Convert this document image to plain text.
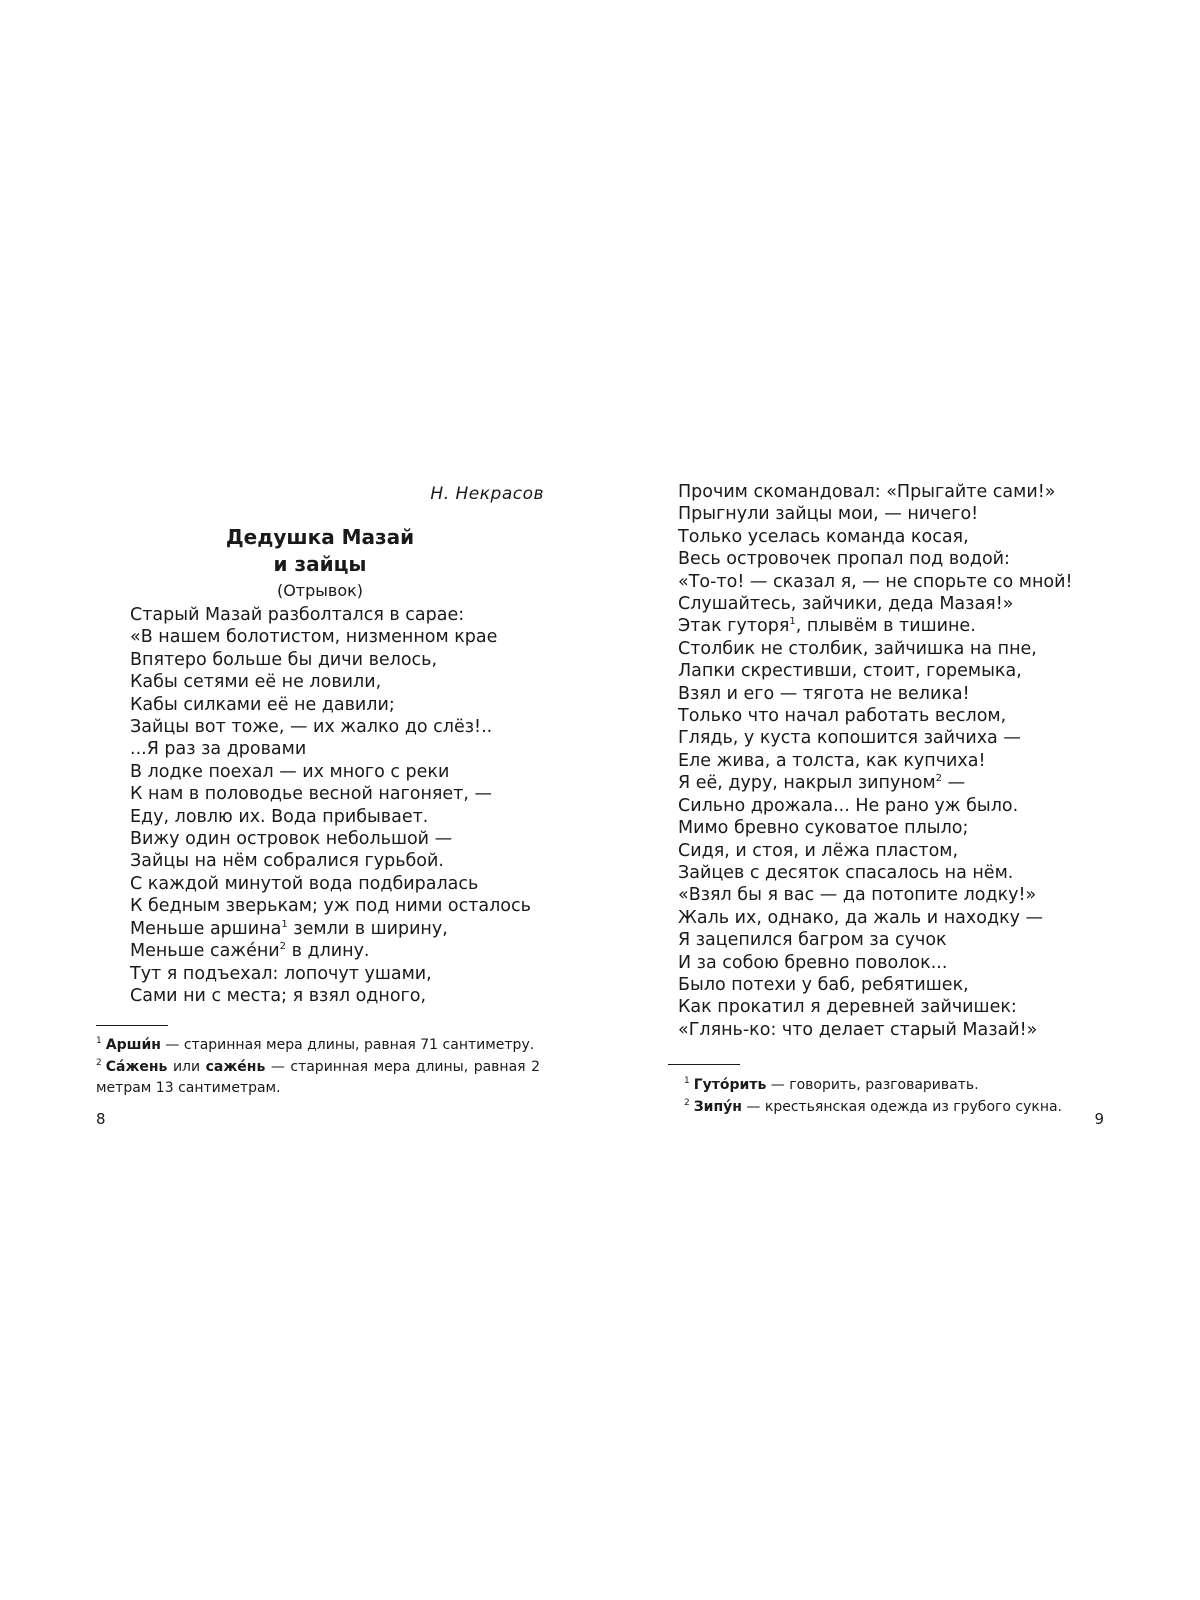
Н. Некрасов
Дедушка Мазай
и зайцы
(Отрывок)
Старый Мазай разболтался в сарае:
«В нашем болотистом, низменном крае
Впятеро больше бы дичи велось,
Кабы сетями её не ловили,
Кабы силками её не давили;
Зайцы вот тоже, — их жалко до слёз!..
...Я раз за дровами
В лодке поехал — их много с реки
К нам в половодье весной нагоняет, —
Еду, ловлю их. Вода прибывает.
Вижу один островок небольшой —
Зайцы на нём собралися гурьбой.
С каждой минутой вода подбиралась
К бедным зверькам; уж под ними осталось
Меньше аршина$^1$ земли в ширину,
Меньше саже́ни$^2$ в длину.
Тут я подъехал: лопочут ушами,
Сами ни с места; я взял одного,
$^1$ Арши́н — старинная мера длины, равная 71 сантиметру.
$^2$ Са́жень или саже́нь — старинная мера длины, равная 2 метрам 13 сантиметрам.
8
Прочим скомандовал: «Прыгайте сами!»
Прыгнули зайцы мои, — ничего!
Только уселась команда косая,
Весь островочек пропал под водой:
«То-то! — сказал я, — не спорьте со мной!
Слушайтесь, зайчики, деда Мазая!»
Этак гуторя$^1$, плывём в тишине.
Столбик не столбик, зайчишка на пне,
Лапки скрестивши, стоит, горемыка,
Взял и его — тягота не велика!
Только что начал работать веслом,
Глядь, у куста копошится зайчиха —
Еле жива, а толста, как купчиха!
Я её, дуру, накрыл зипуном$^2$ —
Сильно дрожала... Не рано уж было.
Мимо бревно суковатое плыло;
Сидя, и стоя, и лёжа пластом,
Зайцев с десяток спасалось на нём.
«Взял бы я вас — да потопите лодку!»
Жаль их, однако, да жаль и находку —
Я зацепился багром за сучок
И за собою бревно поволок...
Было потехи у баб, ребятишек,
Как прокатил я деревней зайчишек:
«Глянь-ко: что делает старый Мазай!»
$^1$ Гуто́рить — говорить, разговаривать.
$^2$ Зипу́н — крестьянская одежда из грубого сукна.
9
